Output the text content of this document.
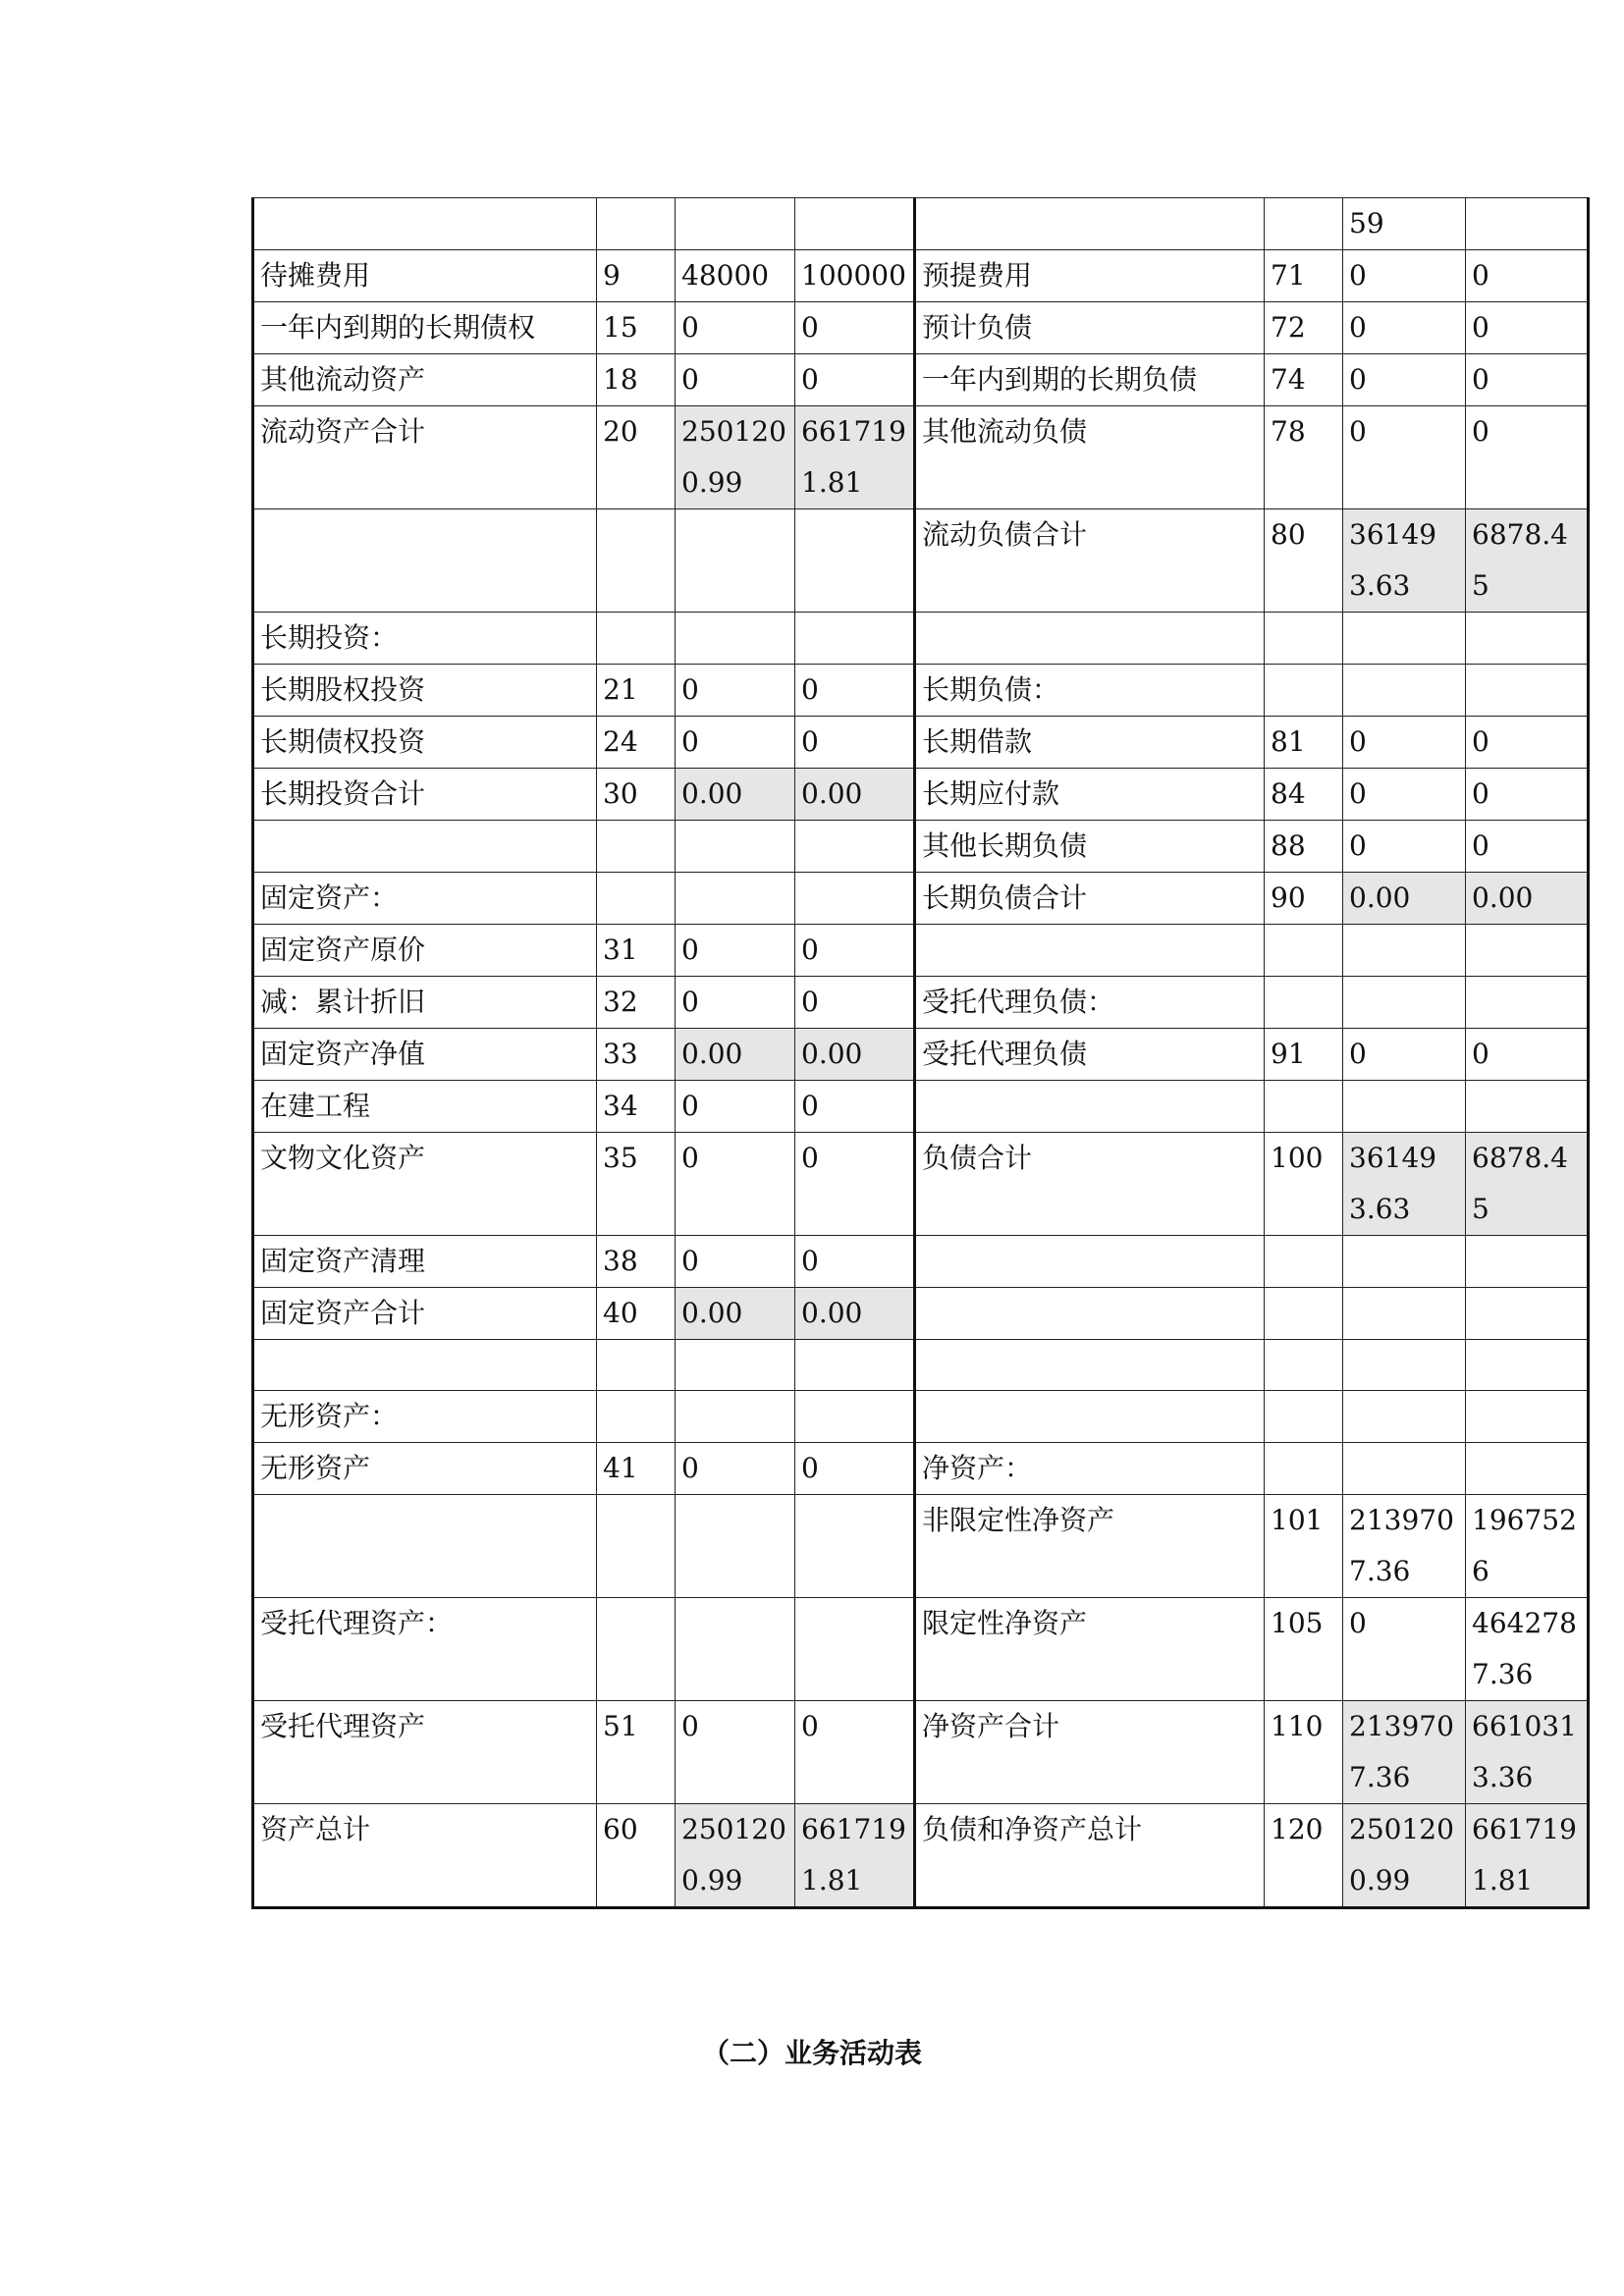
						59	
待摊费用	9	48000	100000	预提费用	71	0	0
一年内到期的长期债权	15	0	0	预计负债	72	0	0
其他流动资产	18	0	0	一年内到期的长期负债	74	0	0
流动资产合计	20	2501200.99	6617191.81	其他流动负债	78	0	0
				流动负债合计	80	361493.63	6878.45
长期投资：							
长期股权投资	21	0	0	长期负债：			
长期债权投资	24	0	0	长期借款	81	0	0
长期投资合计	30	0.00	0.00	长期应付款	84	0	0
				其他长期负债	88	0	0
固定资产：				长期负债合计	90	0.00	0.00
固定资产原价	31	0	0				
减：累计折旧	32	0	0	受托代理负债：			
固定资产净值	33	0.00	0.00	受托代理负债	91	0	0
在建工程	34	0	0				
文物文化资产	35	0	0	负债合计	100	361493.63	6878.45
固定资产清理	38	0	0				
固定资产合计	40	0.00	0.00				

无形资产：							
无形资产	41	0	0	净资产：			
				非限定性净资产	101	2139707.36	1967526
受托代理资产：				限定性净资产	105	0	4642787.36
受托代理资产	51	0	0	净资产合计	110	2139707.36	6610313.36
资产总计	60	2501200.99	6617191.81	负债和净资产总计	120	2501200.99	6617191.81
（二）业务活动表
